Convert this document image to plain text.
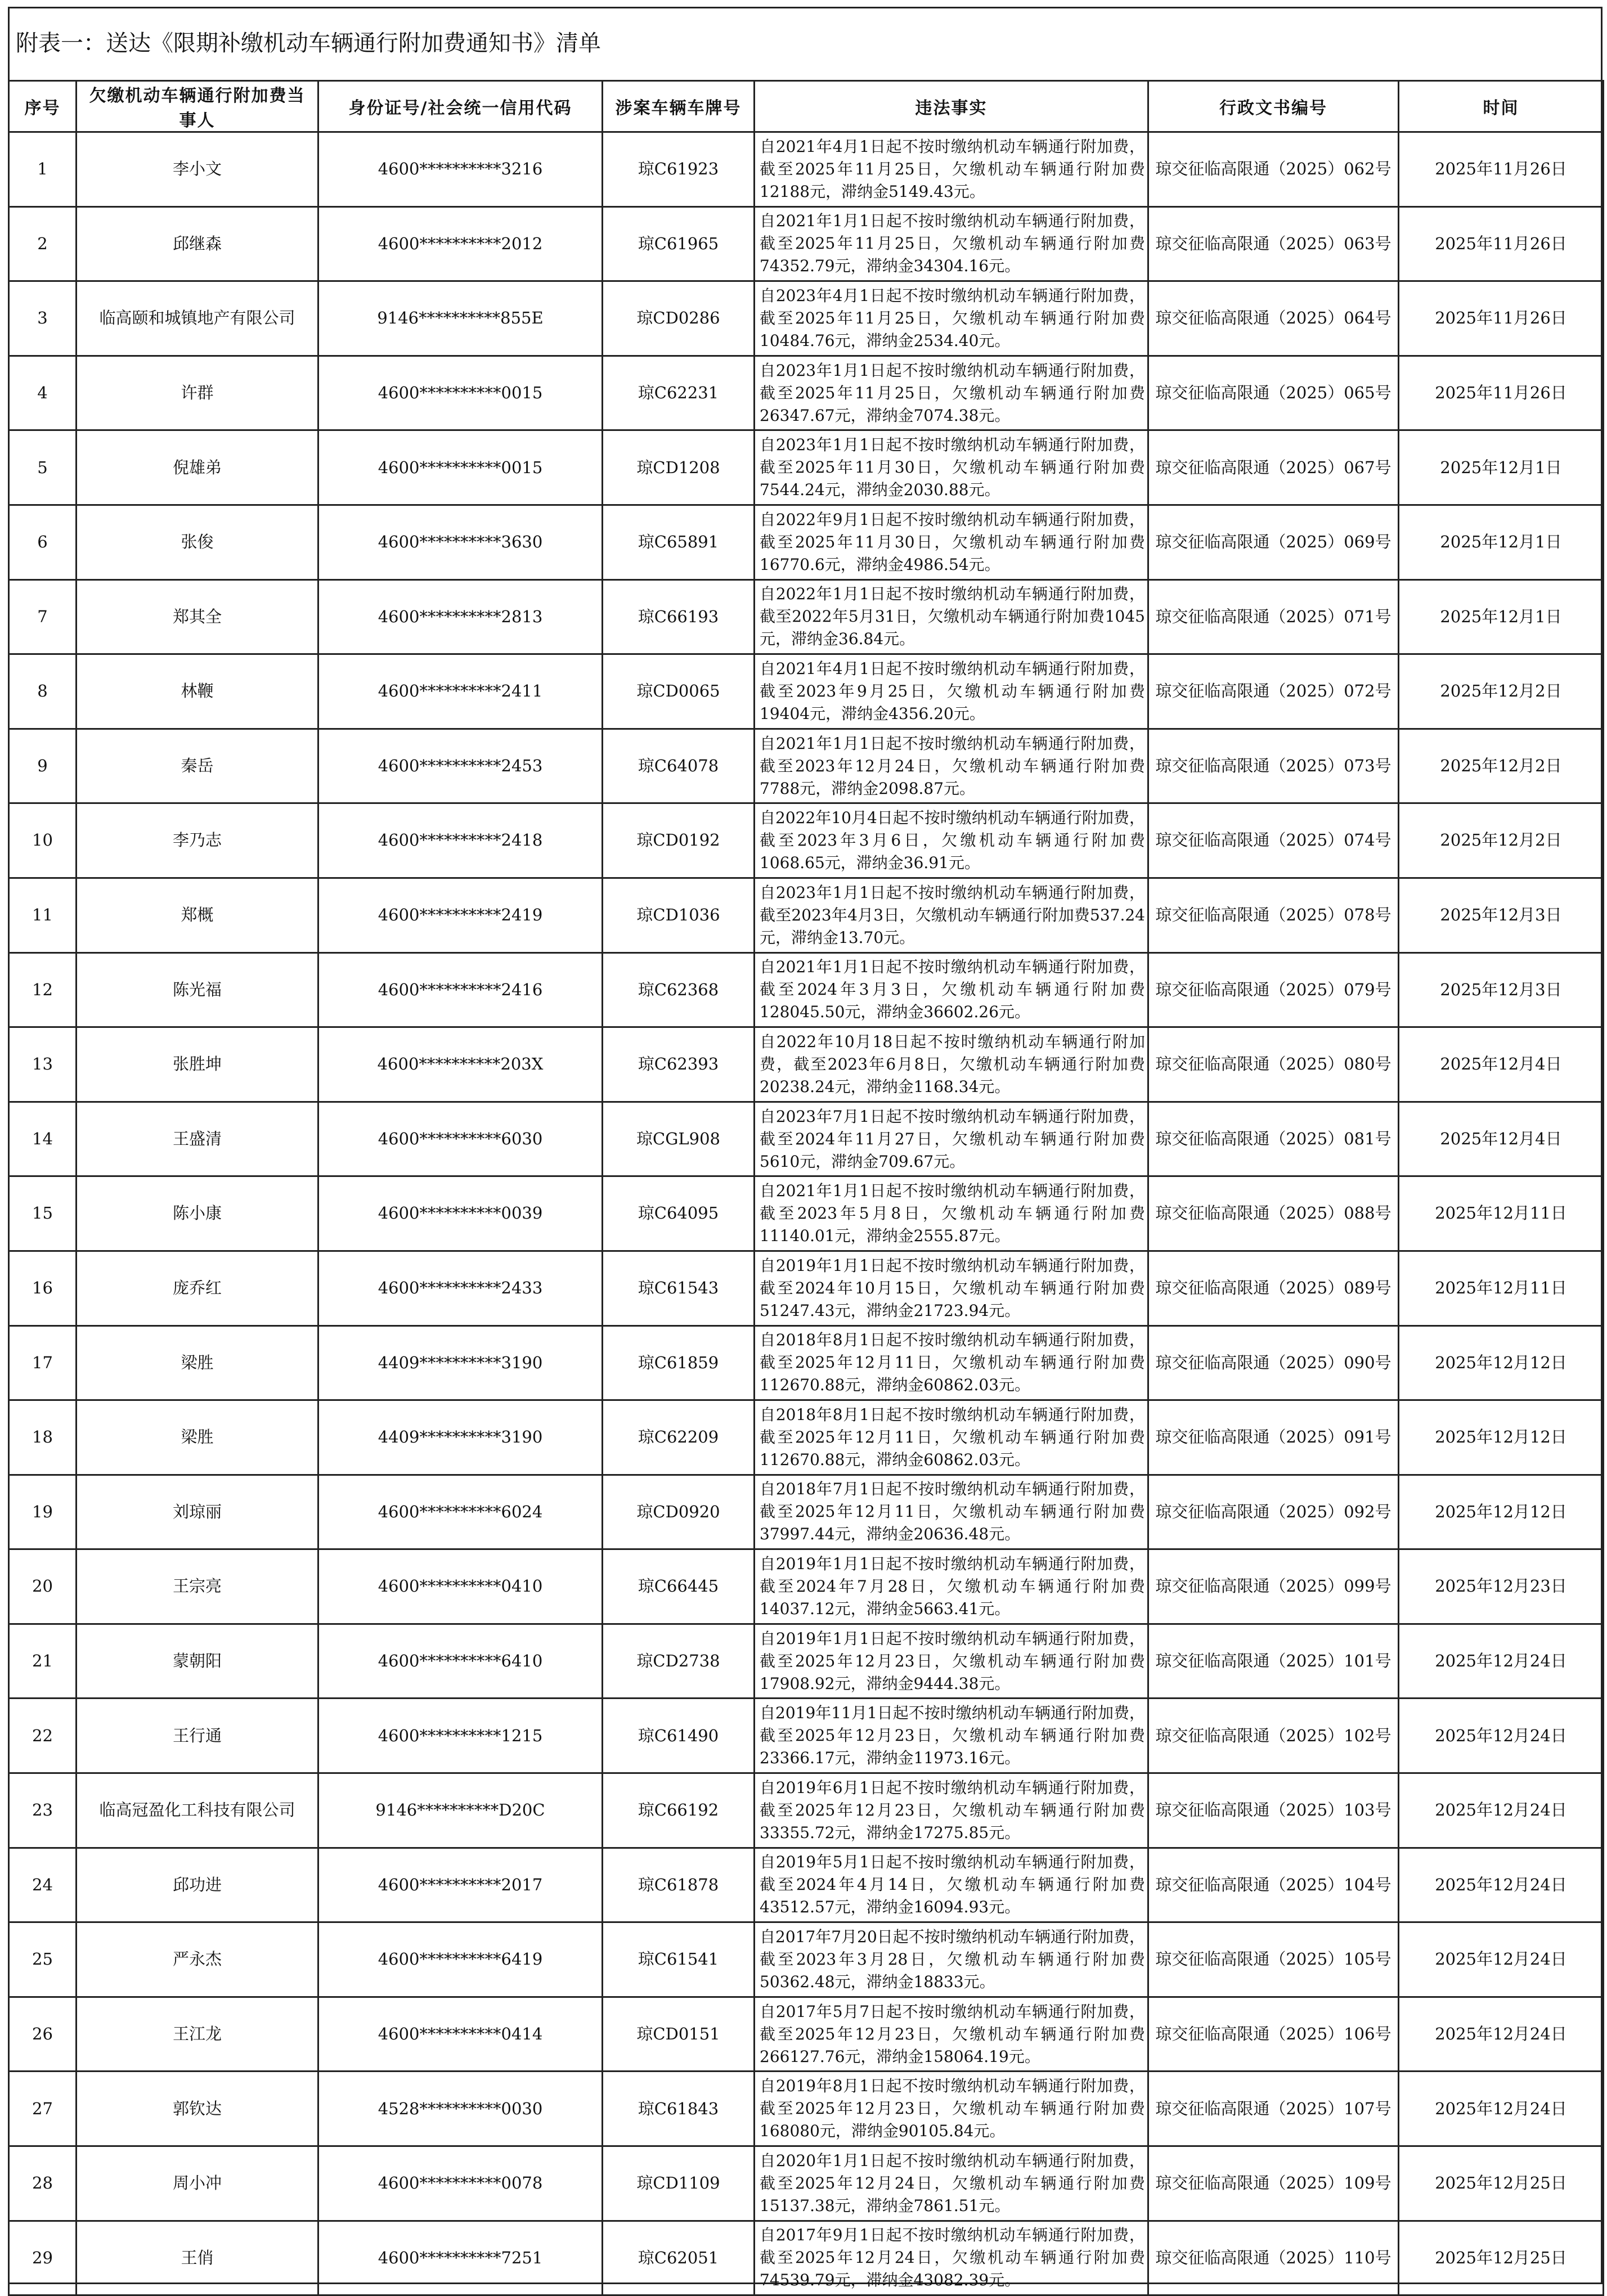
附表一：送达《限期补缴机动车辆通行附加费通知书》清单
序号	欠缴机动车辆通行附加费当事人	身份证号/社会统一信用代码	涉案车辆车牌号	违法事实	行政文书编号	时间
1	李小文	4600**********3216	琼C61923	自2021年4月1日起不按时缴纳机动车辆通行附加费，截至2025年11月25日，欠缴机动车辆通行附加费12188元，滞纳金5149.43元。	琼交征临高限通（2025）062号	2025年11月26日
2	邱继森	4600**********2012	琼C61965	自2021年1月1日起不按时缴纳机动车辆通行附加费，截至2025年11月25日，欠缴机动车辆通行附加费74352.79元，滞纳金34304.16元。	琼交征临高限通（2025）063号	2025年11月26日
3	临高颐和城镇地产有限公司	9146**********855E	琼CD0286	自2023年4月1日起不按时缴纳机动车辆通行附加费，截至2025年11月25日，欠缴机动车辆通行附加费10484.76元，滞纳金2534.40元。	琼交征临高限通（2025）064号	2025年11月26日
4	许群	4600**********0015	琼C62231	自2023年1月1日起不按时缴纳机动车辆通行附加费，截至2025年11月25日，欠缴机动车辆通行附加费26347.67元，滞纳金7074.38元。	琼交征临高限通（2025）065号	2025年11月26日
5	倪雄弟	4600**********0015	琼CD1208	自2023年1月1日起不按时缴纳机动车辆通行附加费，截至2025年11月30日，欠缴机动车辆通行附加费7544.24元，滞纳金2030.88元。	琼交征临高限通（2025）067号	2025年12月1日
6	张俊	4600**********3630	琼C65891	自2022年9月1日起不按时缴纳机动车辆通行附加费，截至2025年11月30日，欠缴机动车辆通行附加费16770.6元，滞纳金4986.54元。	琼交征临高限通（2025）069号	2025年12月1日
7	郑其全	4600**********2813	琼C66193	自2022年1月1日起不按时缴纳机动车辆通行附加费，截至2022年5月31日，欠缴机动车辆通行附加费1045元，滞纳金36.84元。	琼交征临高限通（2025）071号	2025年12月1日
8	林鞭	4600**********2411	琼CD0065	自2021年4月1日起不按时缴纳机动车辆通行附加费，截至2023年9月25日，欠缴机动车辆通行附加费19404元，滞纳金4356.20元。	琼交征临高限通（2025）072号	2025年12月2日
9	秦岳	4600**********2453	琼C64078	自2021年1月1日起不按时缴纳机动车辆通行附加费，截至2023年12月24日，欠缴机动车辆通行附加费7788元，滞纳金2098.87元。	琼交征临高限通（2025）073号	2025年12月2日
10	李乃志	4600**********2418	琼CD0192	自2022年10月4日起不按时缴纳机动车辆通行附加费，截至2023年3月6日，欠缴机动车辆通行附加费1068.65元，滞纳金36.91元。	琼交征临高限通（2025）074号	2025年12月2日
11	郑概	4600**********2419	琼CD1036	自2023年1月1日起不按时缴纳机动车辆通行附加费，截至2023年4月3日，欠缴机动车辆通行附加费537.24元，滞纳金13.70元。	琼交征临高限通（2025）078号	2025年12月3日
12	陈光福	4600**********2416	琼C62368	自2021年1月1日起不按时缴纳机动车辆通行附加费，截至2024年3月3日，欠缴机动车辆通行附加费128045.50元，滞纳金36602.26元。	琼交征临高限通（2025）079号	2025年12月3日
13	张胜坤	4600**********203X	琼C62393	自2022年10月18日起不按时缴纳机动车辆通行附加费，截至2023年6月8日，欠缴机动车辆通行附加费20238.24元，滞纳金1168.34元。	琼交征临高限通（2025）080号	2025年12月4日
14	王盛清	4600**********6030	琼CGL908	自2023年7月1日起不按时缴纳机动车辆通行附加费，截至2024年11月27日，欠缴机动车辆通行附加费5610元，滞纳金709.67元。	琼交征临高限通（2025）081号	2025年12月4日
15	陈小康	4600**********0039	琼C64095	自2021年1月1日起不按时缴纳机动车辆通行附加费，截至2023年5月8日，欠缴机动车辆通行附加费11140.01元，滞纳金2555.87元。	琼交征临高限通（2025）088号	2025年12月11日
16	庞乔红	4600**********2433	琼C61543	自2019年1月1日起不按时缴纳机动车辆通行附加费，截至2024年10月15日，欠缴机动车辆通行附加费51247.43元，滞纳金21723.94元。	琼交征临高限通（2025）089号	2025年12月11日
17	梁胜	4409**********3190	琼C61859	自2018年8月1日起不按时缴纳机动车辆通行附加费，截至2025年12月11日，欠缴机动车辆通行附加费112670.88元，滞纳金60862.03元。	琼交征临高限通（2025）090号	2025年12月12日
18	梁胜	4409**********3190	琼C62209	自2018年8月1日起不按时缴纳机动车辆通行附加费，截至2025年12月11日，欠缴机动车辆通行附加费112670.88元，滞纳金60862.03元。	琼交征临高限通（2025）091号	2025年12月12日
19	刘琼丽	4600**********6024	琼CD0920	自2018年7月1日起不按时缴纳机动车辆通行附加费，截至2025年12月11日，欠缴机动车辆通行附加费37997.44元，滞纳金20636.48元。	琼交征临高限通（2025）092号	2025年12月12日
20	王宗亮	4600**********0410	琼C66445	自2019年1月1日起不按时缴纳机动车辆通行附加费，截至2024年7月28日，欠缴机动车辆通行附加费14037.12元，滞纳金5663.41元。	琼交征临高限通（2025）099号	2025年12月23日
21	蒙朝阳	4600**********6410	琼CD2738	自2019年1月1日起不按时缴纳机动车辆通行附加费，截至2025年12月23日，欠缴机动车辆通行附加费17908.92元，滞纳金9444.38元。	琼交征临高限通（2025）101号	2025年12月24日
22	王行通	4600**********1215	琼C61490	自2019年11月1日起不按时缴纳机动车辆通行附加费，截至2025年12月23日，欠缴机动车辆通行附加费23366.17元，滞纳金11973.16元。	琼交征临高限通（2025）102号	2025年12月24日
23	临高冠盈化工科技有限公司	9146**********D20C	琼C66192	自2019年6月1日起不按时缴纳机动车辆通行附加费，截至2025年12月23日，欠缴机动车辆通行附加费33355.72元，滞纳金17275.85元。	琼交征临高限通（2025）103号	2025年12月24日
24	邱功进	4600**********2017	琼C61878	自2019年5月1日起不按时缴纳机动车辆通行附加费，截至2024年4月14日，欠缴机动车辆通行附加费43512.57元，滞纳金16094.93元。	琼交征临高限通（2025）104号	2025年12月24日
25	严永杰	4600**********6419	琼C61541	自2017年7月20日起不按时缴纳机动车辆通行附加费，截至2023年3月28日，欠缴机动车辆通行附加费50362.48元，滞纳金18833元。	琼交征临高限通（2025）105号	2025年12月24日
26	王江龙	4600**********0414	琼CD0151	自2017年5月7日起不按时缴纳机动车辆通行附加费，截至2025年12月23日，欠缴机动车辆通行附加费266127.76元，滞纳金158064.19元。	琼交征临高限通（2025）106号	2025年12月24日
27	郭钦达	4528**********0030	琼C61843	自2019年8月1日起不按时缴纳机动车辆通行附加费，截至2025年12月23日，欠缴机动车辆通行附加费168080元，滞纳金90105.84元。	琼交征临高限通（2025）107号	2025年12月24日
28	周小冲	4600**********0078	琼CD1109	自2020年1月1日起不按时缴纳机动车辆通行附加费，截至2025年12月24日，欠缴机动车辆通行附加费15137.38元，滞纳金7861.51元。	琼交征临高限通（2025）109号	2025年12月25日
29	王俏	4600**********7251	琼C62051	自2017年9月1日起不按时缴纳机动车辆通行附加费，截至2025年12月24日，欠缴机动车辆通行附加费74539.79元，滞纳金43082.39元。	琼交征临高限通（2025）110号	2025年12月25日
